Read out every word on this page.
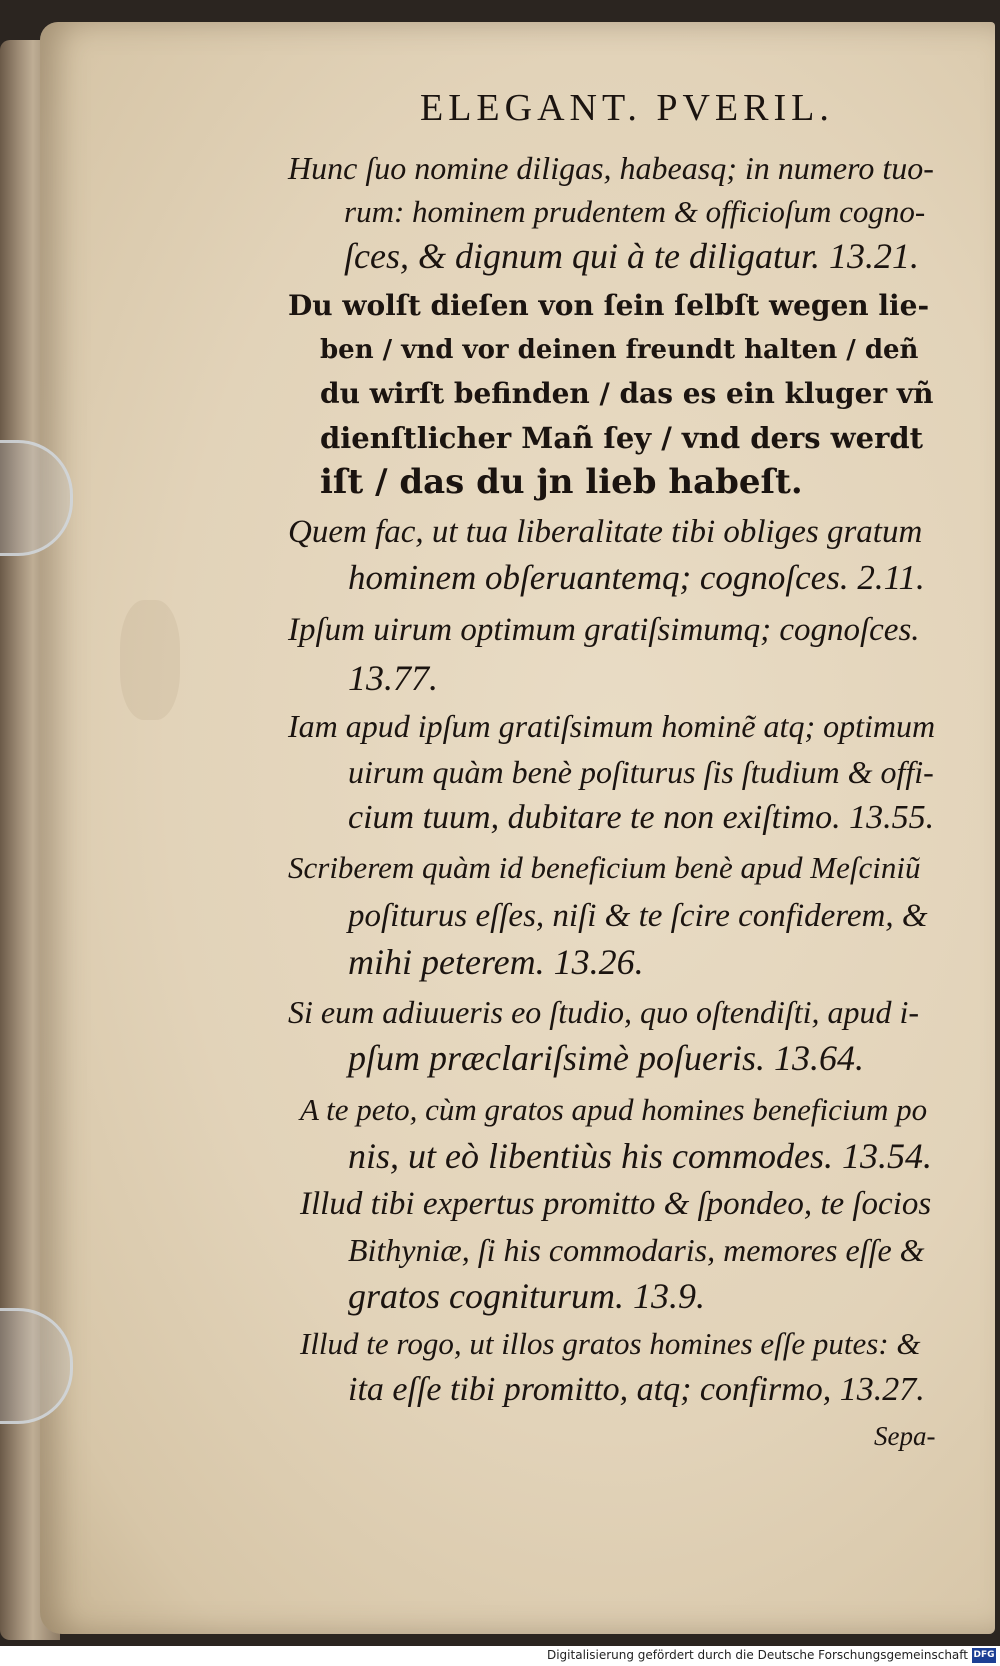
ELEGANT. PVERIL.
Hunc ſuo nomine diligas, habeasq; in numero tuo-
rum: hominem prudentem & officioſum cogno-
ſces, & dignum qui à te diligatur. 13.21.
Du wolſt dieſen von ſein ſelbſt wegen lie-
ben / vnd vor deinen freundt halten / deñ
du wirſt befinden / das es ein kluger vñ
dienſtlicher Mañ ſey / vnd ders werdt
iſt / das du jn lieb habeſt.
Quem fac, ut tua liberalitate tibi obliges gratum
hominem obſeruantemq; cognoſces. 2.11.
Ipſum uirum optimum gratiſsimumq; cognoſces.
13.77.
Iam apud ipſum gratiſsimum hominẽ atq; optimum
uirum quàm benè poſiturus ſis ſtudium & offi-
cium tuum, dubitare te non exiſtimo. 13.55.
Scriberem quàm id beneficium benè apud Meſciniũ
poſiturus eſſes, niſi & te ſcire confiderem, &
mihi peterem. 13.26.
Si eum adiuueris eo ſtudio, quo oſtendiſti, apud i-
pſum præclariſsimè poſueris. 13.64.
A te peto, cùm gratos apud homines beneficium po
nis, ut eò libentiùs his commodes. 13.54.
Illud tibi expertus promitto & ſpondeo, te ſocios
Bithyniæ, ſi his commodaris, memores eſſe &
gratos cogniturum. 13.9.
Illud te rogo, ut illos gratos homines eſſe putes: &
ita eſſe tibi promitto, atq; confirmo, 13.27.
Sepa-
Digitalisierung gefördert durch die Deutsche Forschungsgemeinschaft DFG
